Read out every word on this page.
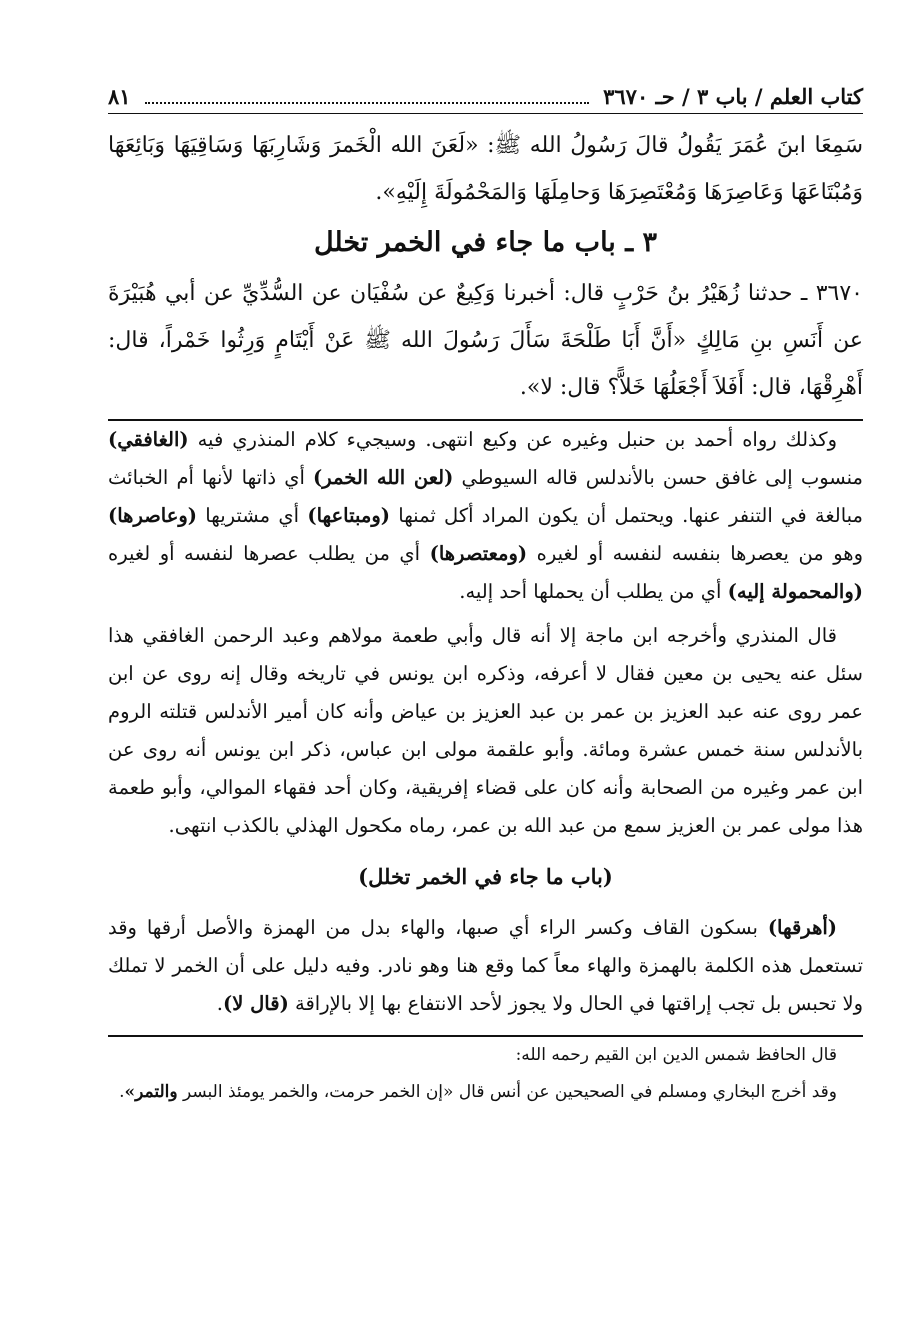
كتاب العلم / باب ٣ / حـ ٣٦٧٠
٨١
سَمِعَا ابنَ عُمَرَ يَقُولُ قالَ رَسُولُ الله ﷺ: «لَعَنَ الله الْخَمرَ وَشَارِبَهَا وَسَاقِيَهَا وَبَائِعَهَا وَمُبْتَاعَهَا وَعَاصِرَهَا وَمُعْتَصِرَهَا وَحامِلَهَا وَالمَحْمُولَةَ إِلَيْهِ».
٣ ـ باب ما جاء في الخمر تخلل
٣٦٧٠ ـ حدثنا زُهَيْرُ بنُ حَرْبٍ قال: أخبرنا وَكِيعٌ عن سُفْيَان عن السُّدِّيِّ عن أبي هُبَيْرَةَ عن أَنَسِ بنِ مَالِكٍ «أَنَّ أَبَا طَلْحَةَ سَأَلَ رَسُولَ الله ﷺ عَنْ أَيْتَامٍ وَرِثُوا خَمْراً، قال: أَهْرِقْهَا، قال: أَفَلاَ أَجْعَلُهَا خَلاًّ؟ قال: لا».

وكذلك رواه أحمد بن حنبل وغيره عن وكيع انتهى. وسيجيء كلام المنذري فيه (الغافقي) منسوب إلى غافق حسن بالأندلس قاله السيوطي (لعن الله الخمر) أي ذاتها لأنها أم الخبائث مبالغة في التنفر عنها. ويحتمل أن يكون المراد أكل ثمنها (ومبتاعها) أي مشتريها (وعاصرها) وهو من يعصرها بنفسه لنفسه أو لغيره (ومعتصرها) أي من يطلب عصرها لنفسه أو لغيره (والمحمولة إليه) أي من يطلب أن يحملها أحد إليه.

قال المنذري وأخرجه ابن ماجة إلا أنه قال وأبي طعمة مولاهم وعبد الرحمن الغافقي هذا سئل عنه يحيى بن معين فقال لا أعرفه، وذكره ابن يونس في تاريخه وقال إنه روى عن ابن عمر روى عنه عبد العزيز بن عمر بن عبد العزيز بن عياض وأنه كان أمير الأندلس قتلته الروم بالأندلس سنة خمس عشرة ومائة. وأبو علقمة مولى ابن عباس، ذكر ابن يونس أنه روى عن ابن عمر وغيره من الصحابة وأنه كان على قضاء إفريقية، وكان أحد فقهاء الموالي، وأبو طعمة هذا مولى عمر بن العزيز سمع من عبد الله بن عمر، رماه مكحول الهذلي بالكذب انتهى.

(باب ما جاء في الخمر تخلل)

(أهرقها) بسكون القاف وكسر الراء أي صبها، والهاء بدل من الهمزة والأصل أرقها وقد تستعمل هذه الكلمة بالهمزة والهاء معاً كما وقع هنا وهو نادر. وفيه دليل على أن الخمر لا تملك ولا تحبس بل تجب إراقتها في الحال ولا يجوز لأحد الانتفاع بها إلا بالإراقة (قال لا).

قال الحافظ شمس الدين ابن القيم رحمه الله:

وقد أخرج البخاري ومسلم في الصحيحين عن أنس قال «إن الخمر حرمت، والخمر يومئذ البسر والتمر».
